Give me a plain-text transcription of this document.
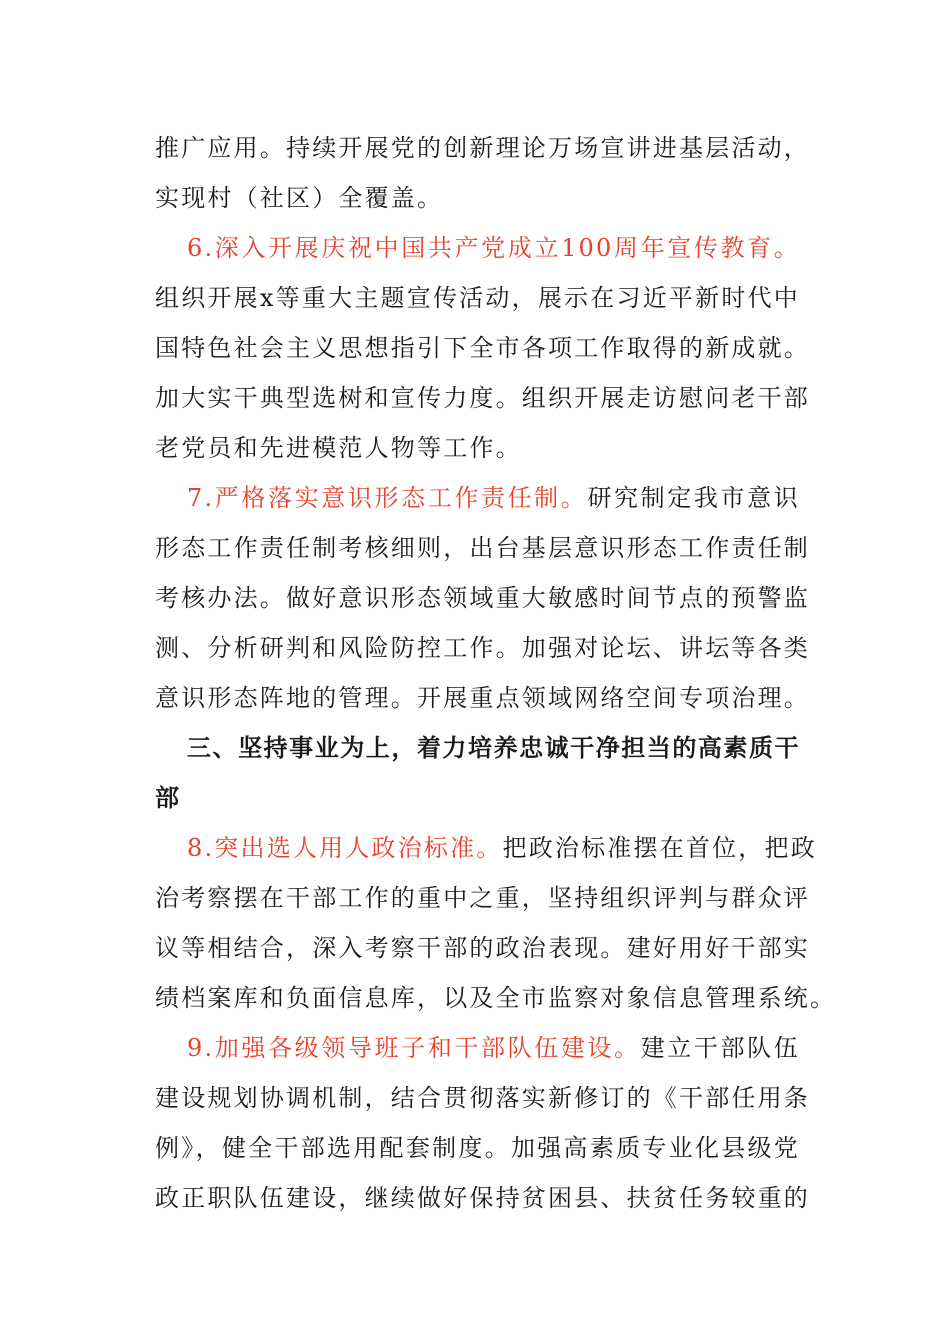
推广应用。持续开展党的创新理论万场宣讲进基层活动，
实现村（社区）全覆盖。
6.深入开展庆祝中国共产党成立100周年宣传教育。
组织开展x等重大主题宣传活动，展示在习近平新时代中
国特色社会主义思想指引下全市各项工作取得的新成就。
加大实干典型选树和宣传力度。组织开展走访慰问老干部
老党员和先进模范人物等工作。
7.严格落实意识形态工作责任制。研究制定我市意识
形态工作责任制考核细则，出台基层意识形态工作责任制
考核办法。做好意识形态领域重大敏感时间节点的预警监
测、分析研判和风险防控工作。加强对论坛、讲坛等各类
意识形态阵地的管理。开展重点领域网络空间专项治理。
三、坚持事业为上，着力培养忠诚干净担当的高素质干
部
8.突出选人用人政治标准。把政治标准摆在首位，把政
治考察摆在干部工作的重中之重，坚持组织评判与群众评
议等相结合，深入考察干部的政治表现。建好用好干部实
绩档案库和负面信息库，以及全市监察对象信息管理系统。
9.加强各级领导班子和干部队伍建设。建立干部队伍
建设规划协调机制，结合贯彻落实新修订的《干部任用条
例》，健全干部选用配套制度。加强高素质专业化县级党
政正职队伍建设，继续做好保持贫困县、扶贫任务较重的
